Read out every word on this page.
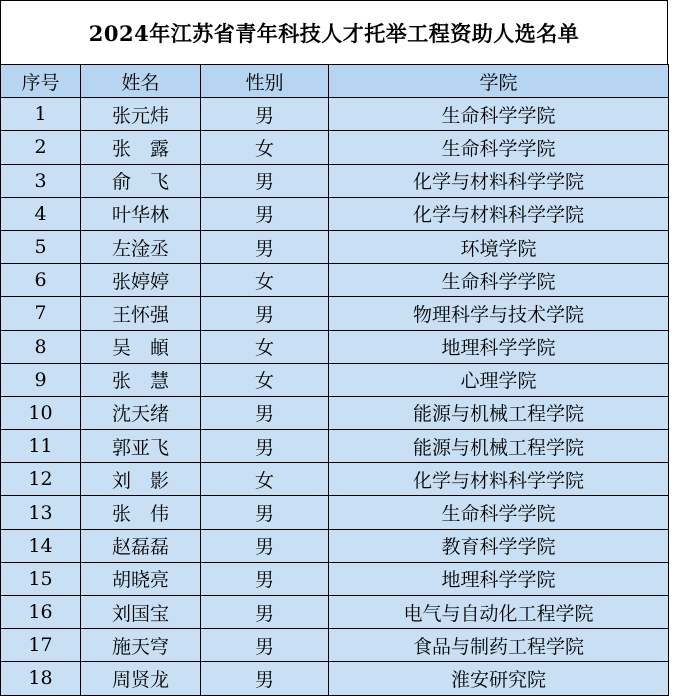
2024年江苏省青年科技人才托举工程资助人选名单
序号	姓名	性别	学院
1	张元炜	男	生命科学学院
2	张　露	女	生命科学学院
3	俞　飞	男	化学与材料科学学院
4	叶华林	男	化学与材料科学学院
5	左淦丞	男	环境学院
6	张婷婷	女	生命科学学院
7	王怀强	男	物理科学与技术学院
8	吴　頔	女	地理科学学院
9	张　慧	女	心理学院
10	沈天绪	男	能源与机械工程学院
11	郭亚飞	男	能源与机械工程学院
12	刘　影	女	化学与材料科学学院
13	张　伟	男	生命科学学院
14	赵磊磊	男	教育科学学院
15	胡晓亮	男	地理科学学院
16	刘国宝	男	电气与自动化工程学院
17	施天穹	男	食品与制药工程学院
18	周贤龙	男	淮安研究院
